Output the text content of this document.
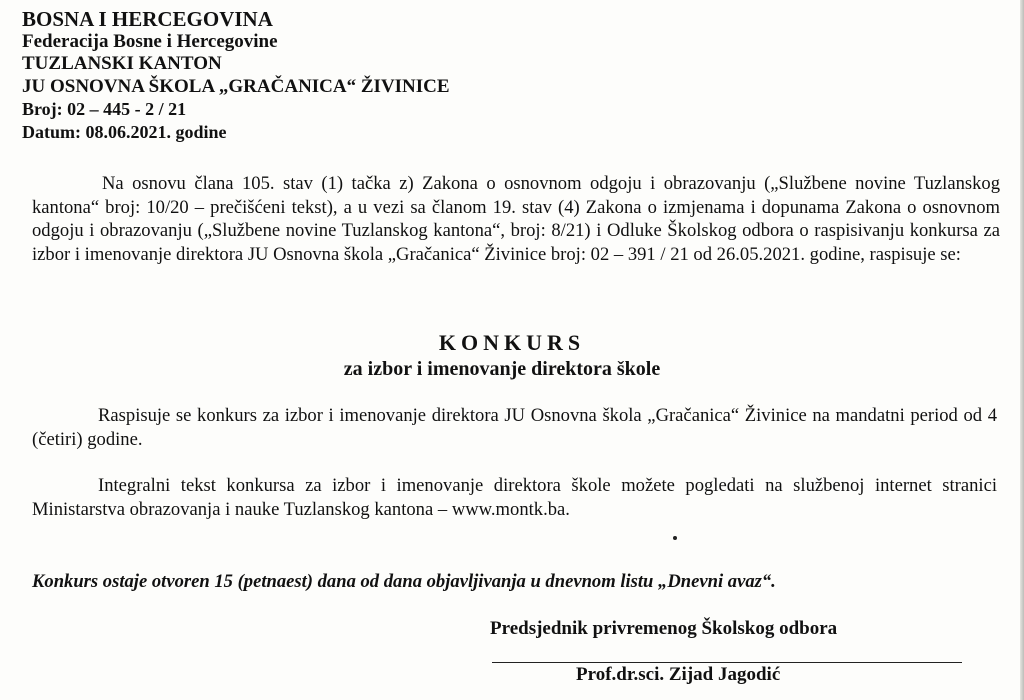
BOSNA I HERCEGOVINA
Federacija Bosne i Hercegovine
TUZLANSKI KANTON
JU OSNOVNA ŠKOLA „GRAČANICA“ ŽIVINICE
Broj: 02 – 445 - 2 / 21
Datum: 08.06.2021. godine
Na osnovu člana 105. stav (1) tačka z) Zakona o osnovnom odgoju i obrazovanju („Službene novine Tuzlanskog kantona“ broj: 10/20 – prečišćeni tekst), a u vezi sa članom 19. stav (4) Zakona o izmjenama i dopunama Zakona o osnovnom odgoju i obrazovanju („Službene novine Tuzlanskog kantona“, broj: 8/21) i Odluke Školskog odbora o raspisivanju konkursa za izbor i imenovanje direktora JU Osnovna škola „Gračanica“ Živinice broj: 02 – 391 / 21 od 26.05.2021. godine, raspisuje se:
KONKURS
za izbor i imenovanje direktora škole
Raspisuje se konkurs za izbor i imenovanje direktora JU Osnovna škola „Gračanica“ Živinice na mandatni period od 4 (četiri) godine.
Integralni tekst konkursa za izbor i imenovanje direktora škole možete pogledati na službenoj internet stranici Ministarstva obrazovanja i nauke Tuzlanskog kantona – www.montk.ba.
Konkurs ostaje otvoren 15 (petnaest) dana od dana objavljivanja u dnevnom listu „Dnevni avaz“.
Predsjednik privremenog Školskog odbora
Prof.dr.sci. Zijad Jagodić
